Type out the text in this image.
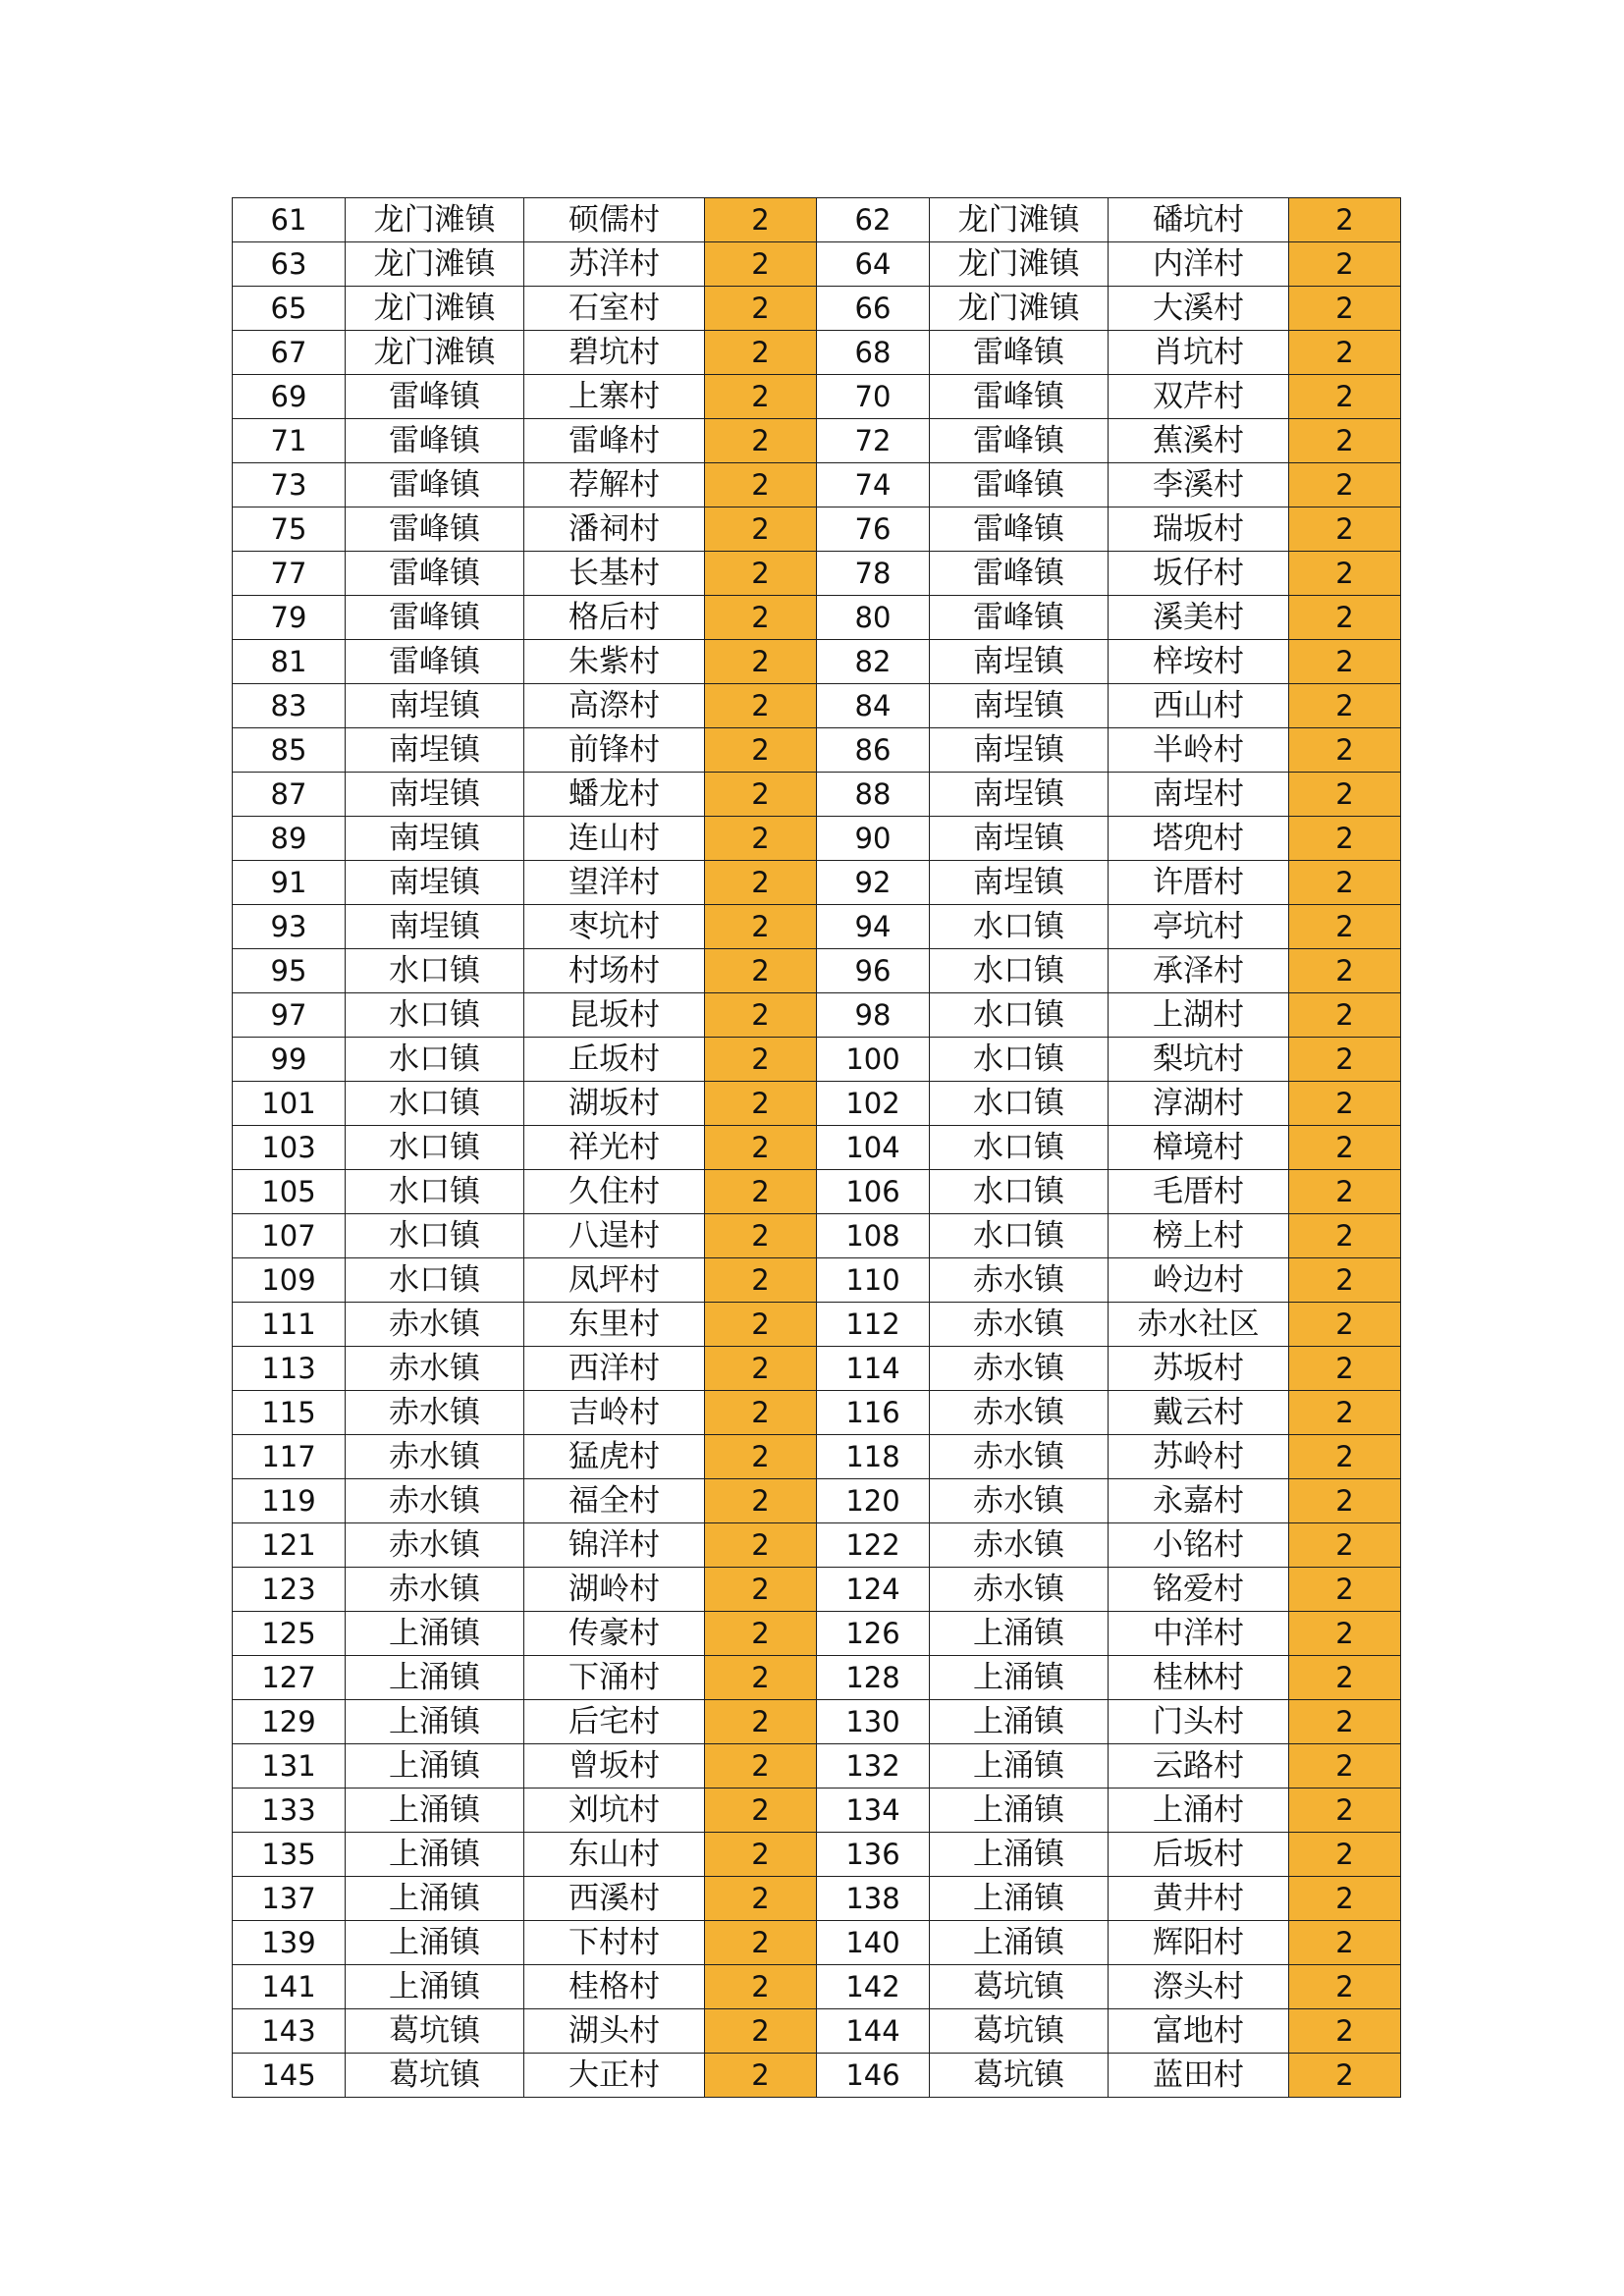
61	龙门滩镇	硕儒村	2	62	龙门滩镇	磻坑村	2
63	龙门滩镇	苏洋村	2	64	龙门滩镇	内洋村	2
65	龙门滩镇	石室村	2	66	龙门滩镇	大溪村	2
67	龙门滩镇	碧坑村	2	68	雷峰镇	肖坑村	2
69	雷峰镇	上寨村	2	70	雷峰镇	双芹村	2
71	雷峰镇	雷峰村	2	72	雷峰镇	蕉溪村	2
73	雷峰镇	荐解村	2	74	雷峰镇	李溪村	2
75	雷峰镇	潘祠村	2	76	雷峰镇	瑞坂村	2
77	雷峰镇	长基村	2	78	雷峰镇	坂仔村	2
79	雷峰镇	格后村	2	80	雷峰镇	溪美村	2
81	雷峰镇	朱紫村	2	82	南埕镇	梓垵村	2
83	南埕镇	高漈村	2	84	南埕镇	西山村	2
85	南埕镇	前锋村	2	86	南埕镇	半岭村	2
87	南埕镇	蟠龙村	2	88	南埕镇	南埕村	2
89	南埕镇	连山村	2	90	南埕镇	塔兜村	2
91	南埕镇	望洋村	2	92	南埕镇	许厝村	2
93	南埕镇	枣坑村	2	94	水口镇	亭坑村	2
95	水口镇	村场村	2	96	水口镇	承泽村	2
97	水口镇	昆坂村	2	98	水口镇	上湖村	2
99	水口镇	丘坂村	2	100	水口镇	梨坑村	2
101	水口镇	湖坂村	2	102	水口镇	淳湖村	2
103	水口镇	祥光村	2	104	水口镇	樟境村	2
105	水口镇	久住村	2	106	水口镇	毛厝村	2
107	水口镇	八逞村	2	108	水口镇	榜上村	2
109	水口镇	凤坪村	2	110	赤水镇	岭边村	2
111	赤水镇	东里村	2	112	赤水镇	赤水社区	2
113	赤水镇	西洋村	2	114	赤水镇	苏坂村	2
115	赤水镇	吉岭村	2	116	赤水镇	戴云村	2
117	赤水镇	猛虎村	2	118	赤水镇	苏岭村	2
119	赤水镇	福全村	2	120	赤水镇	永嘉村	2
121	赤水镇	锦洋村	2	122	赤水镇	小铭村	2
123	赤水镇	湖岭村	2	124	赤水镇	铭爱村	2
125	上涌镇	传豪村	2	126	上涌镇	中洋村	2
127	上涌镇	下涌村	2	128	上涌镇	桂林村	2
129	上涌镇	后宅村	2	130	上涌镇	门头村	2
131	上涌镇	曾坂村	2	132	上涌镇	云路村	2
133	上涌镇	刘坑村	2	134	上涌镇	上涌村	2
135	上涌镇	东山村	2	136	上涌镇	后坂村	2
137	上涌镇	西溪村	2	138	上涌镇	黄井村	2
139	上涌镇	下村村	2	140	上涌镇	辉阳村	2
141	上涌镇	桂格村	2	142	葛坑镇	漈头村	2
143	葛坑镇	湖头村	2	144	葛坑镇	富地村	2
145	葛坑镇	大正村	2	146	葛坑镇	蓝田村	2
